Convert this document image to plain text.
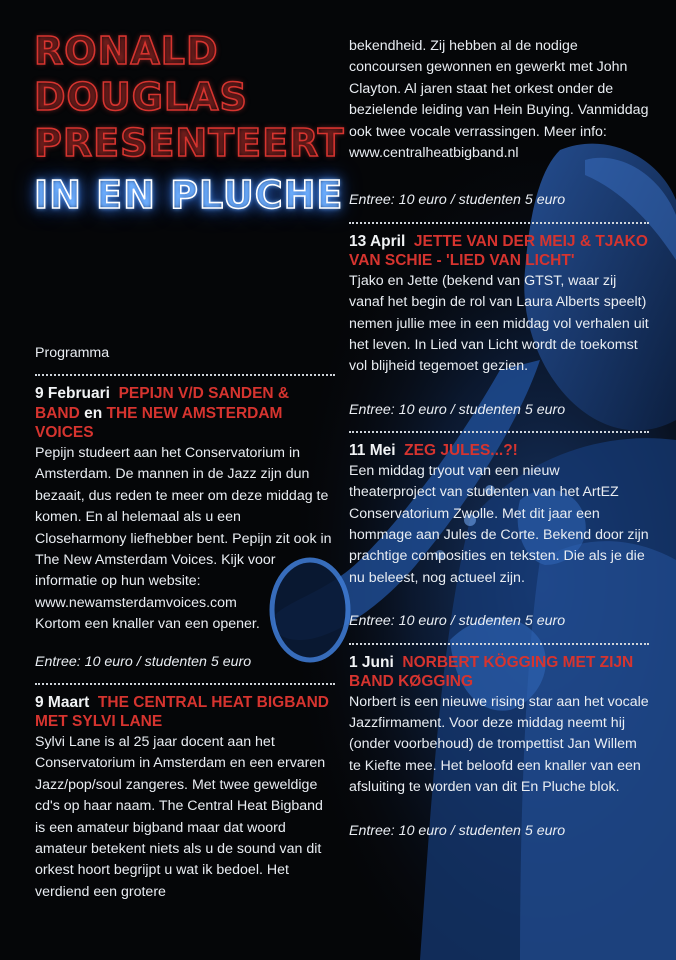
RONALD
DOUGLAS
PRESENTEERT
IN EN PLUCHE
Programma
9 Februari PEPIJN V/D SANDEN & BAND en THE NEW AMSTERDAM VOICES

Pepijn studeert aan het Conservatorium in Amsterdam. De mannen in de Jazz zijn dun bezaait, dus reden te meer om deze middag te komen. En al helemaal als u een Closeharmony liefhebber bent. Pepijn zit ook in The New Amsterdam Voices. Kijk voor informatie op hun website: www.newamsterdamvoices.com

Kortom een knaller van een opener.

Entree: 10 euro / studenten 5 euro
9 Maart THE CENTRAL HEAT BIGBAND MET SYLVI LANE

Sylvi Lane is al 25 jaar docent aan het Conservatorium in Amsterdam en een ervaren Jazz/pop/soul zangeres. Met twee geweldige cd's op haar naam. The Central Heat Bigband is een amateur bigband maar dat woord amateur betekent niets als u de sound van dit orkest hoort begrijpt u wat ik bedoel. Het verdiend een grotere

bekendheid. Zij hebben al de nodige concoursen gewonnen en gewerkt met John Clayton. Al jaren staat het orkest onder de bezielende leiding van Hein Buying. Vanmiddag ook twee vocale verrassingen. Meer info: www.centralheatbigband.nl

Entree: 10 euro / studenten 5 euro
13 April JETTE VAN DER MEIJ & TJAKO VAN SCHIE - 'LIED VAN LICHT'

Tjako en Jette (bekend van GTST, waar zij vanaf het begin de rol van Laura Alberts speelt) nemen jullie mee in een middag vol verhalen uit het leven. In Lied van Licht wordt de toekomst vol blijheid tegemoet gezien.

Entree: 10 euro / studenten 5 euro
11 Mei ZEG JULES...?!

Een middag tryout van een nieuw theaterproject van studenten van het ArtEZ Conservatorium Zwolle. Met dit jaar een hommage aan Jules de Corte. Bekend door zijn prachtige composities en teksten. Die als je die nu beleest, nog actueel zijn.

Entree: 10 euro / studenten 5 euro
1 Juni NORBERT KÖGGING MET ZIJN BAND KØGGING

Norbert is een nieuwe rising star aan het vocale Jazzfirmament. Voor deze middag neemt hij (onder voorbehoud) de trompettist Jan Willem te Kiefte mee. Het beloofd een knaller van een afsluiting te worden van dit En Pluche blok.

Entree: 10 euro / studenten 5 euro
